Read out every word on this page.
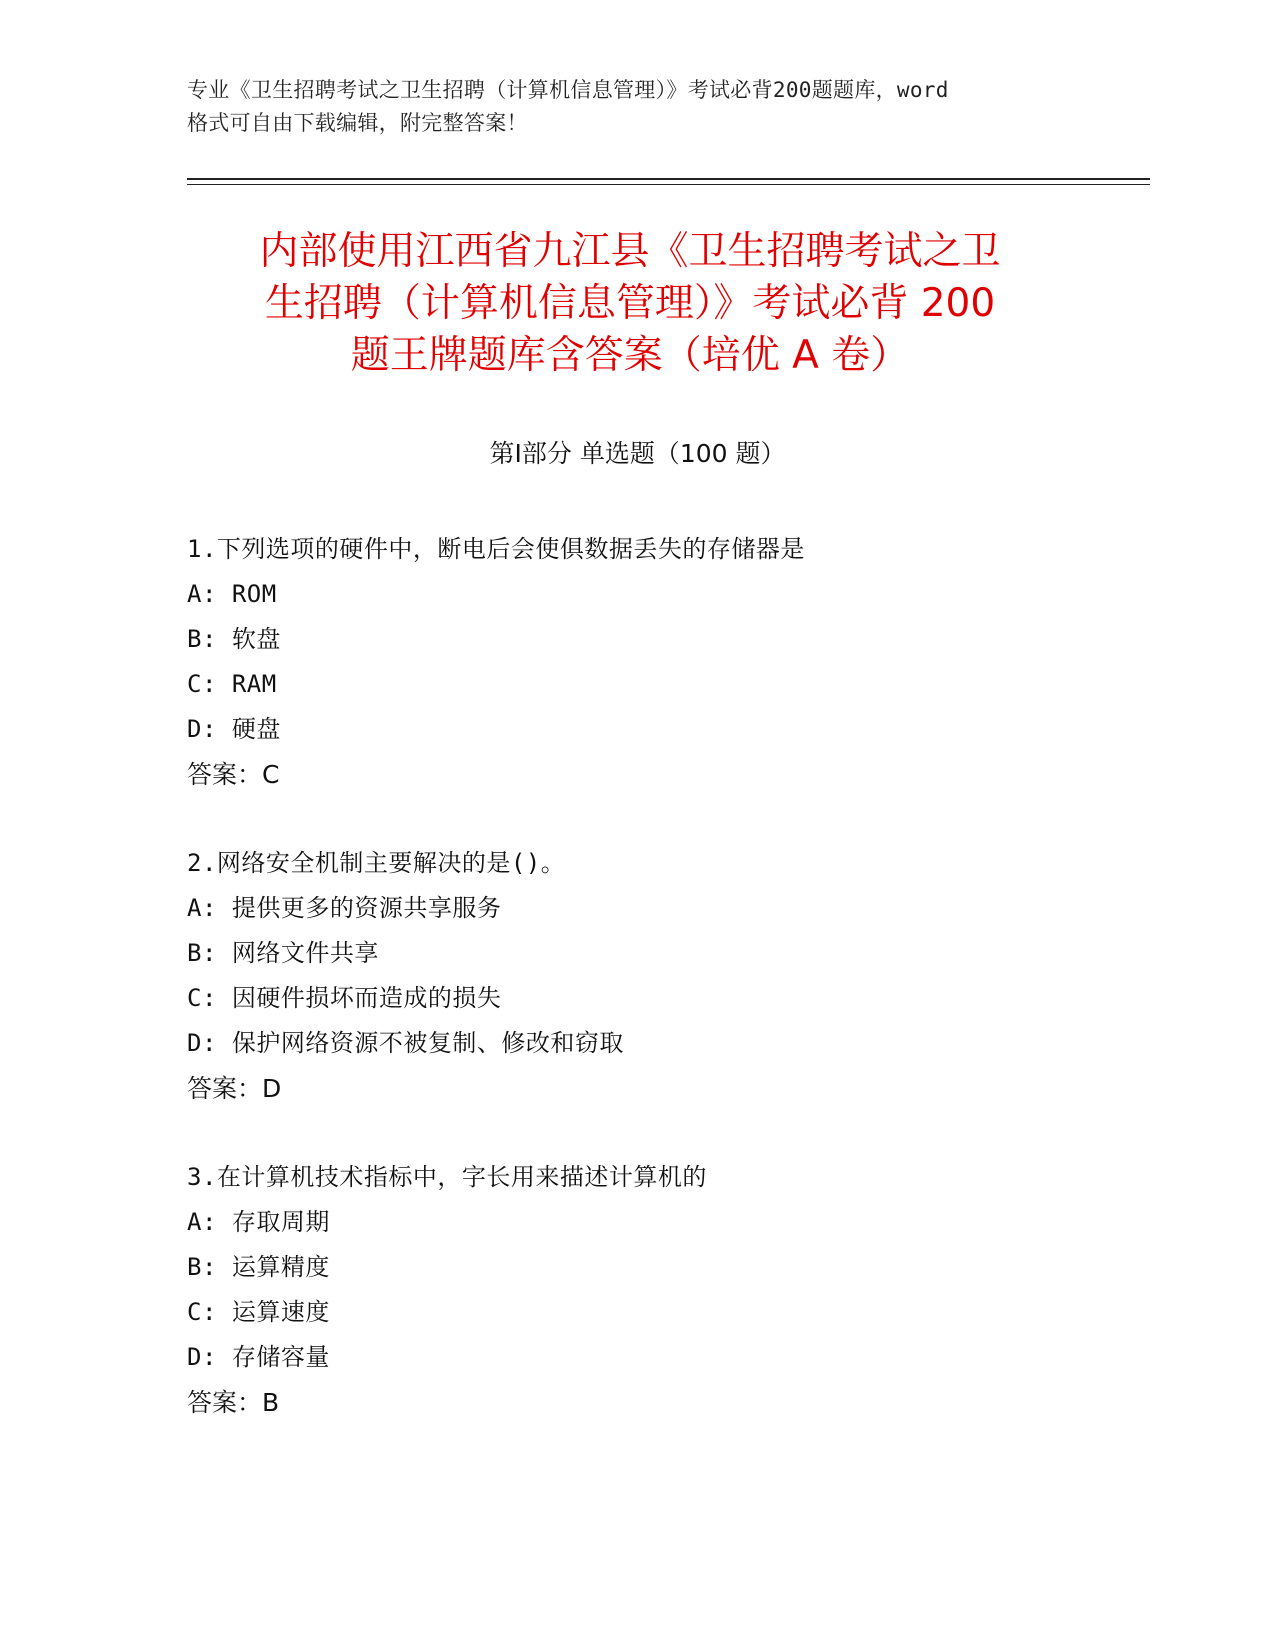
专业《卫生招聘考试之卫生招聘（计算机信息管理）》考试必背200题题库，word
格式可自由下载编辑，附完整答案！
内部使用江西省九江县《卫生招聘考试之卫
生招聘（计算机信息管理）》考试必背 200
题王牌题库含答案（培优 A 卷）
第Ⅰ部分 单选题（100 题）
1.下列选项的硬件中，断电后会使俱数据丢失的存储器是
A: ROM
B: 软盘
C: RAM
D: 硬盘
答案：C
2.网络安全机制主要解决的是()。
A: 提供更多的资源共享服务
B: 网络文件共享
C: 因硬件损坏而造成的损失
D: 保护网络资源不被复制、修改和窃取
答案：D
3.在计算机技术指标中，字长用来描述计算机的
A: 存取周期
B: 运算精度
C: 运算速度
D: 存储容量
答案：B
